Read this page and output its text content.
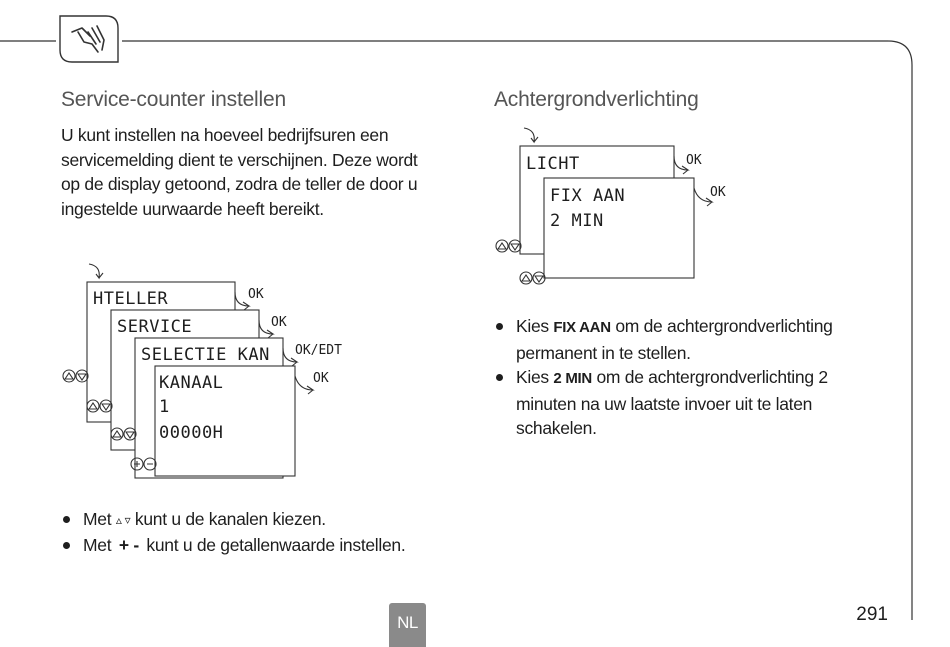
Service-counter instellen

U kunt instellen na hoeveel bedrijfsuren een
servicemelding dient te verschijnen. Deze wordt
op de display getoond, zodra de teller de door u
ingestelde uurwaarde heeft bereikt.

HTELLER
SERVICE
SELECTIE KAN
KANAAL
1
00000H
OK
OK
OK/EDT
OK
Met ▵ ▿ kunt u de kanalen kiezen.
Met + - kunt u de getallenwaarde instellen.
Achtergrondverlichting
LICHT
FIX AAN
2 MIN
OK
OK
Kies FIX AAN om de achtergrondverlichting
permanent in te stellen.
Kies 2 MIN om de achtergrondverlichting 2
minuten na uw laatste invoer uit te laten
schakelen.
NL	291
